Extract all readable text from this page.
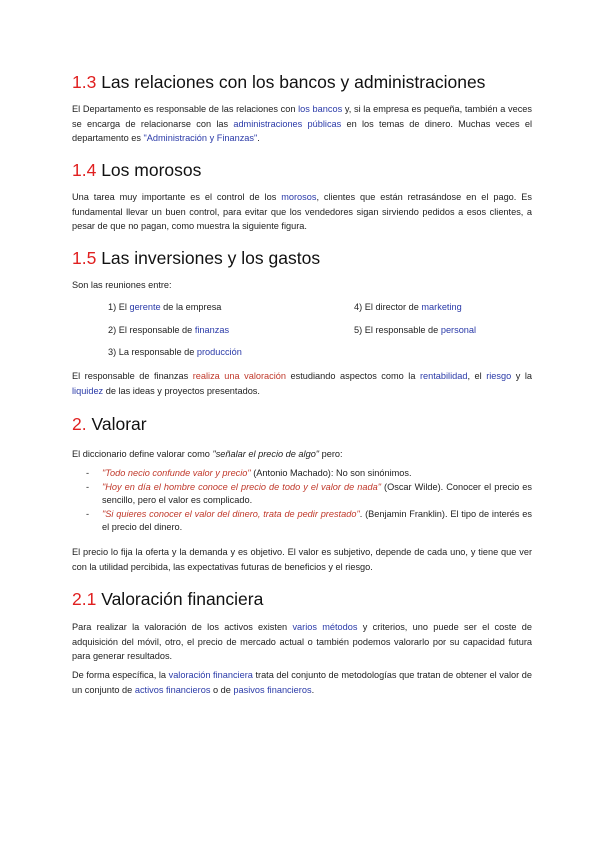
1.3 Las relaciones con los bancos y administraciones

El Departamento es responsable de las relaciones con los bancos y, si la empresa es pequeña, también a veces se encarga de relacionarse con las administraciones públicas en los temas de dinero. Muchas veces el departamento es "Administración y Finanzas".

1.4 Los morosos

Una tarea muy importante es el control de los morosos, clientes que están retrasándose en el pago. Es fundamental llevar un buen control, para evitar que los vendedores sigan sirviendo pedidos a esos clientes, a pesar de que no pagan, como muestra la siguiente figura.

1.5 Las inversiones y los gastos

Son las reuniones entre:

1) El gerente de la empresa	4) El director de marketing
2) El responsable de finanzas	5) El responsable de personal
3) La responsable de producción

El responsable de finanzas realiza una valoración estudiando aspectos como la rentabilidad, el riesgo y la liquidez de las ideas y proyectos presentados.

2. Valorar

El diccionario define valorar como "señalar el precio de algo" pero:

- "Todo necio confunde valor y precio" (Antonio Machado): No son sinónimos.
- "Hoy en día el hombre conoce el precio de todo y el valor de nada" (Oscar Wilde). Conocer el precio es sencillo, pero el valor es complicado.
- "Si quieres conocer el valor del dinero, trata de pedir prestado". (Benjamin Franklin). El tipo de interés es el precio del dinero.

El precio lo fija la oferta y la demanda y es objetivo. El valor es subjetivo, depende de cada uno, y tiene que ver con la utilidad percibida, las expectativas futuras de beneficios y el riesgo.

2.1 Valoración financiera

Para realizar la valoración de los activos existen varios métodos y criterios, uno puede ser el coste de adquisición del móvil, otro, el precio de mercado actual o también podemos valorarlo por su capacidad futura para generar resultados.

De forma específica, la valoración financiera trata del conjunto de metodologías que tratan de obtener el valor de un conjunto de activos financieros o de pasivos financieros.
